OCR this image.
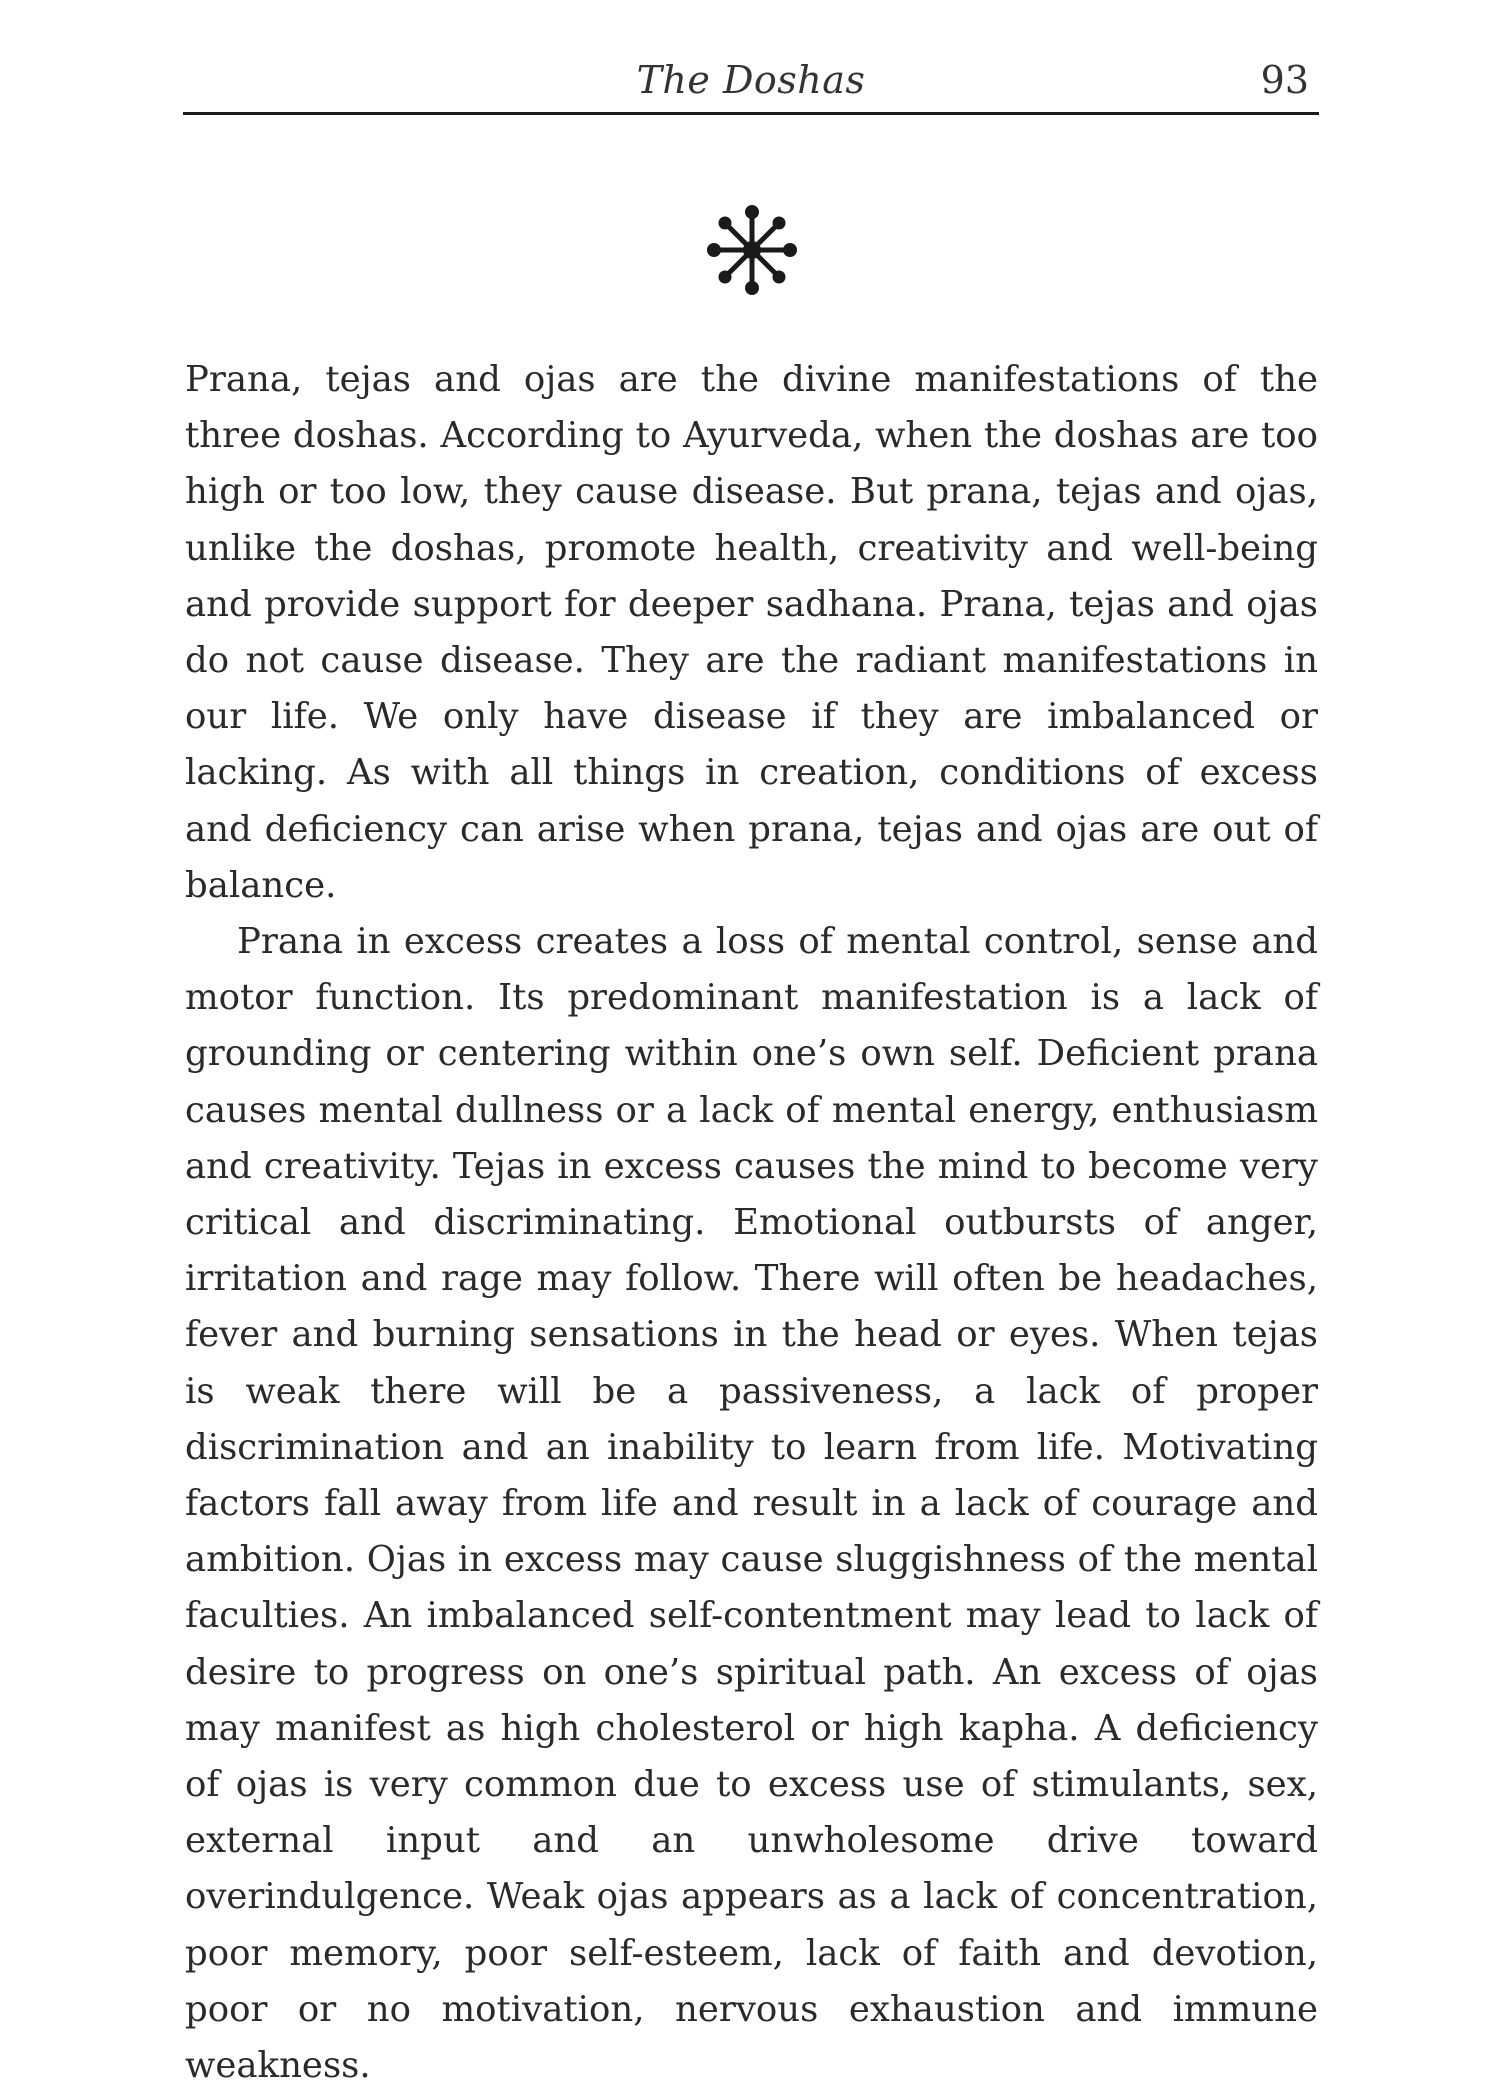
The Doshas	93

Prana, tejas and ojas are the divine manifestations of the three doshas. According to Ayurveda, when the doshas are too high or too low, they cause disease. But prana, tejas and ojas, unlike the doshas, promote health, creativity and well-being and provide support for deeper sadhana. Prana, tejas and ojas do not cause disease. They are the radiant manifestations in our life. We only have disease if they are imbalanced or lacking. As with all things in creation, conditions of excess and deficiency can arise when prana, tejas and ojas are out of balance.

Prana in excess creates a loss of mental control, sense and motor function. Its predominant manifestation is a lack of grounding or centering within one’s own self. Deficient prana causes mental dullness or a lack of mental energy, enthusiasm and creativity. Tejas in excess causes the mind to become very critical and discriminating. Emotional outbursts of anger, irritation and rage may follow. There will often be headaches, fever and burning sensations in the head or eyes. When tejas is weak there will be a passiveness, a lack of proper discrimination and an inability to learn from life. Motivating factors fall away from life and result in a lack of courage and ambition. Ojas in excess may cause sluggishness of the mental faculties. An imbalanced self-contentment may lead to lack of desire to progress on one’s spiritual path. An excess of ojas may manifest as high cholesterol or high kapha. A deficiency of ojas is very common due to excess use of stimulants, sex, external input and an unwholesome drive toward overindulgence. Weak ojas appears as a lack of concentration, poor memory, poor self-esteem, lack of faith and devotion, poor or no motivation, nervous exhaustion and immune weakness.
